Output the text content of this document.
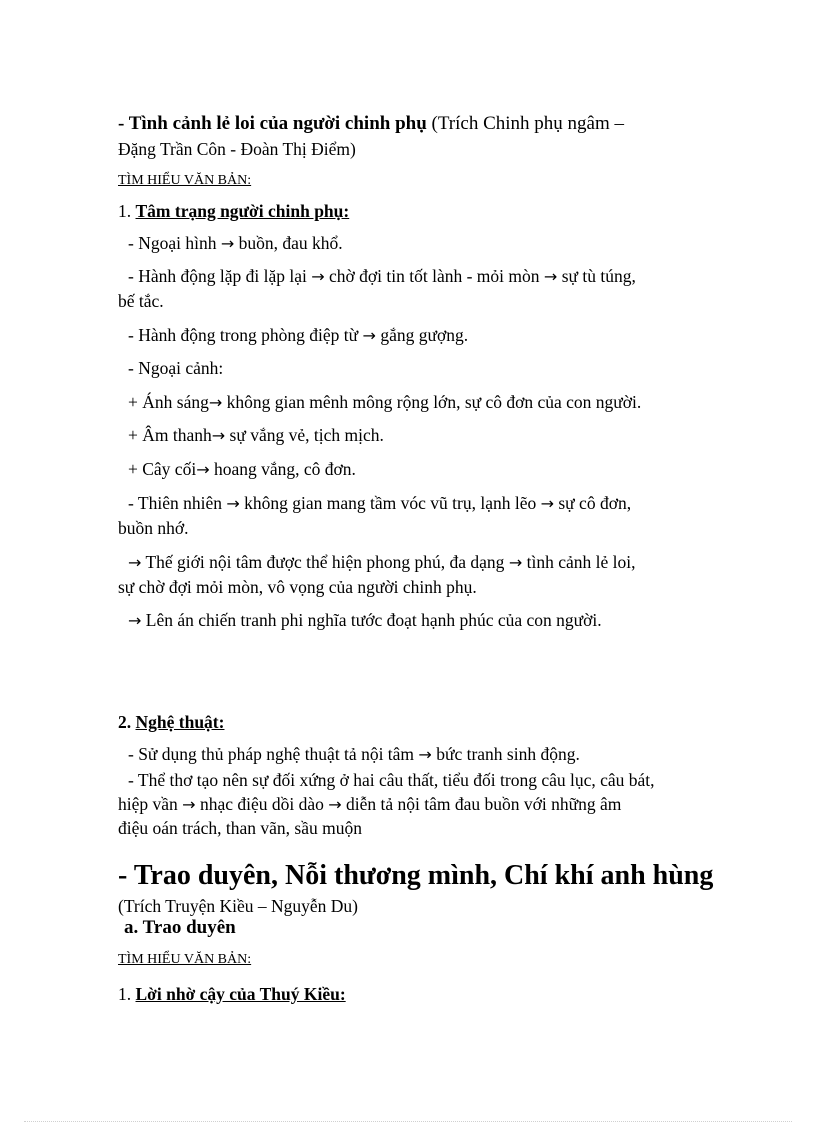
- Tình cảnh lẻ loi của người chinh phụ (Trích Chinh phụ ngâm –
Đặng Trần Côn - Đoàn Thị Điểm)
TÌM HIỂU VĂN BẢN:
1. Tâm trạng người chinh phụ:
- Ngoại hình → buồn, đau khổ.
- Hành động lặp đi lặp lại → chờ đợi tin tốt lành - mỏi mòn → sự tù túng,
bế tắc.
- Hành động trong phòng điệp từ → gắng gượng.
- Ngoại cảnh:
+ Ánh sáng→ không gian mênh mông rộng lớn, sự cô đơn của con người.
+ Âm thanh→ sự vắng vẻ, tịch mịch.
+ Cây cối→ hoang vắng, cô đơn.
- Thiên nhiên → không gian mang tầm vóc vũ trụ, lạnh lẽo → sự cô đơn,
buồn nhớ.
→ Thế giới nội tâm được thể hiện phong phú, đa dạng → tình cảnh lẻ loi,
sự chờ đợi mỏi mòn, vô vọng của người chinh phụ.
→ Lên án chiến tranh phi nghĩa tước đoạt hạnh phúc của con người.
2. Nghệ thuật:
- Sử dụng thủ pháp nghệ thuật tả nội tâm → bức tranh sinh động.
- Thể thơ tạo nên sự đối xứng ở hai câu thất, tiểu đối trong câu lục, câu bát,
hiệp vần → nhạc điệu dồi dào → diễn tả nội tâm đau buồn với những âm
điệu oán trách, than vãn, sầu muộn
- Trao duyên, Nỗi thương mình, Chí khí anh hùng
(Trích Truyện Kiều – Nguyễn Du)
a. Trao duyên
TÌM HIỂU VĂN BẢN:
1. Lời nhờ cậy của Thuý Kiều:
